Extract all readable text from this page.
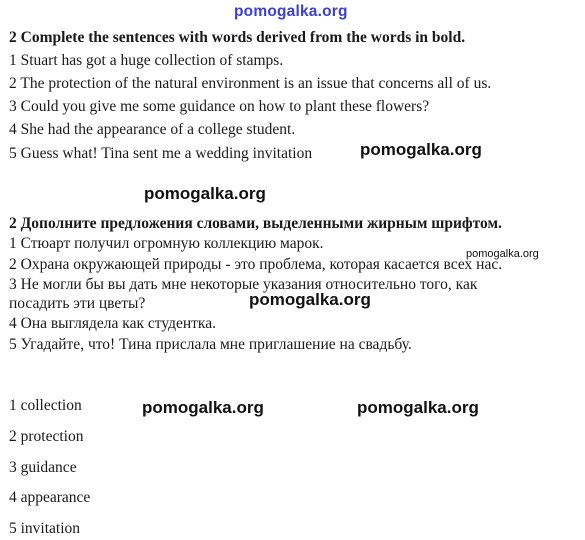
pomogalka.org
2 Complete the sentences with words derived from the words in bold.
1 Stuart has got a huge collection of stamps.
2 The protection of the natural environment is an issue that concerns all of us.
3 Could you give me some guidance on how to plant these flowers?
4 She had the appearance of a college student.
5 Guess what! Tina sent me a wedding invitation	pomogalka.org
pomogalka.org
2 Дополните предложения словами, выделенными жирным шрифтом.
1 Стюарт получил огромную коллекцию марок.
2 Охрана окружающей природы - это проблема, которая касается всех нас.
3 Не могли бы вы дать мне некоторые указания относительно того, как
посадить эти цветы?
4 Она выглядела как студентка.
5 Угадайте, что! Тина прислала мне приглашение на свадьбу.
pomogalka.org
pomogalka.org
1 collection
2 protection
3 guidance
4 appearance
5 invitation
pomogalka.org	pomogalka.org
